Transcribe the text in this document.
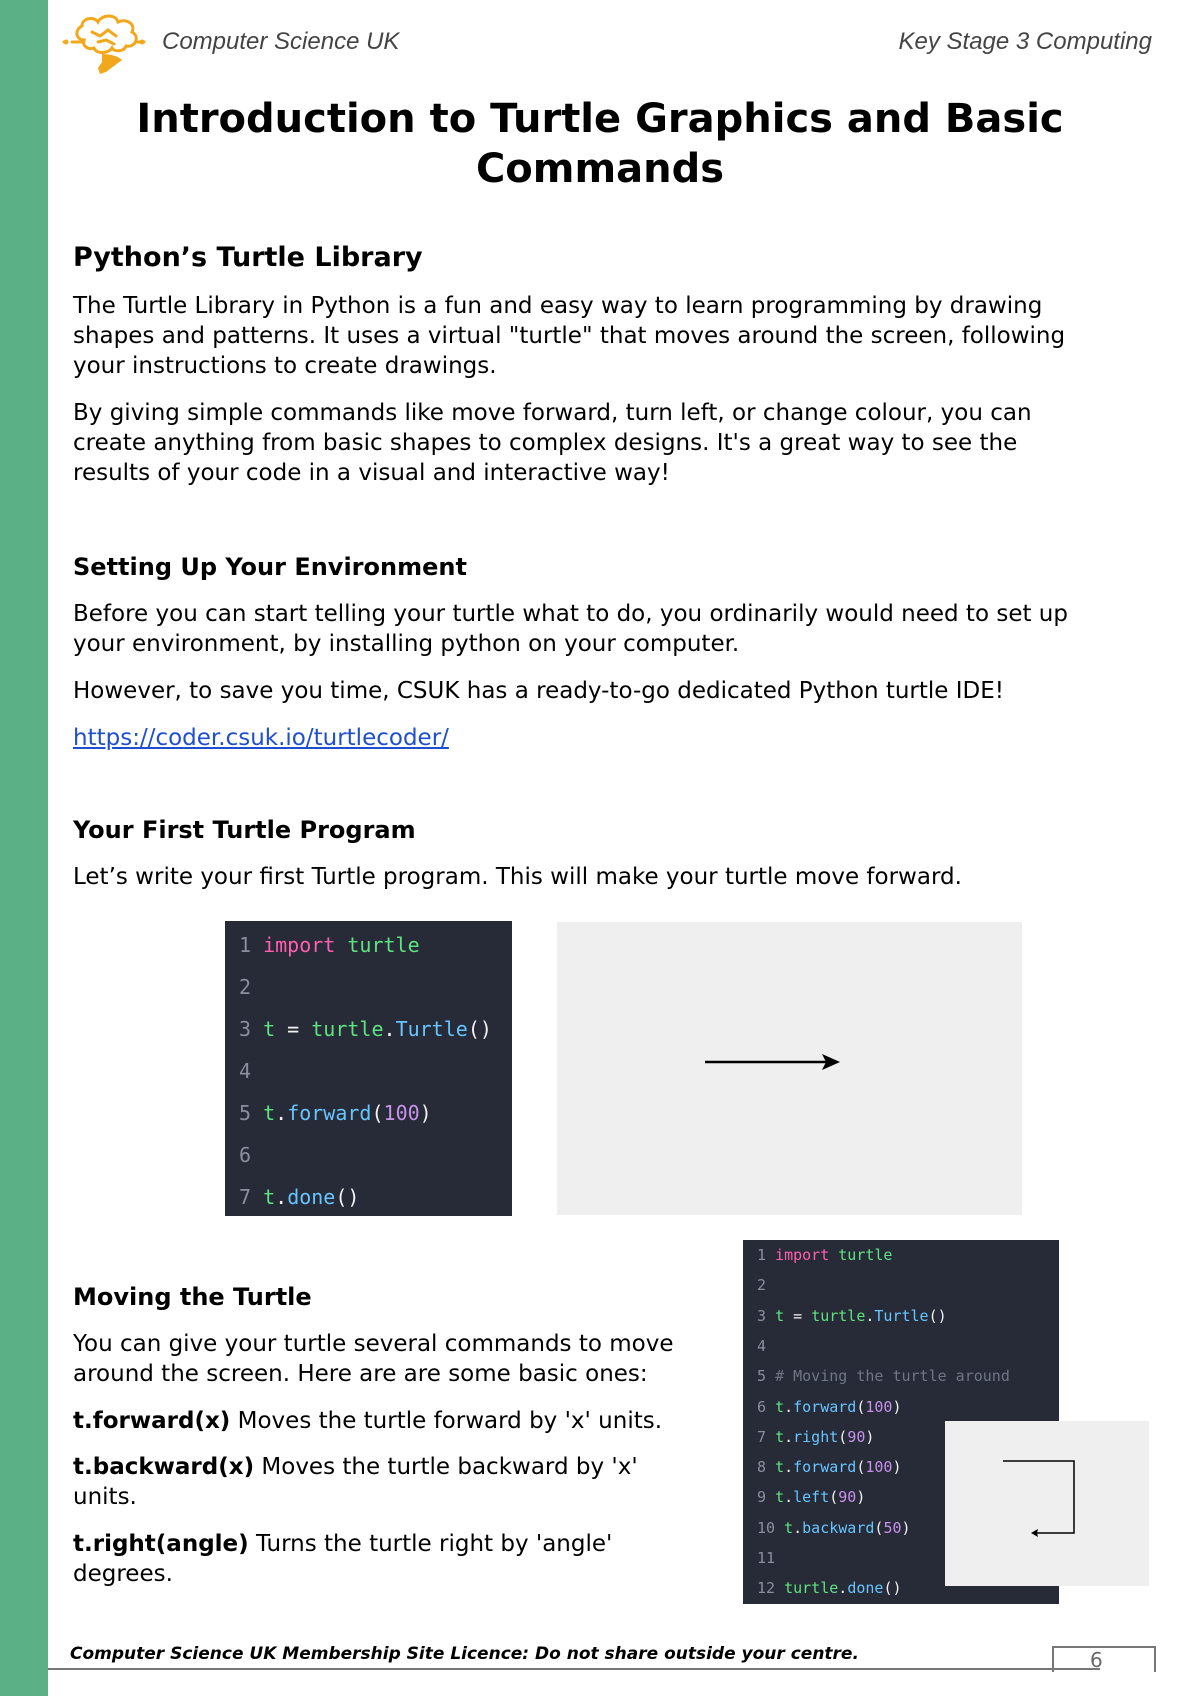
Computer Science UK	Key Stage 3 Computing
Introduction to Turtle Graphics and Basic Commands
Python’s Turtle Library
The Turtle Library in Python is a fun and easy way to learn programming by drawing
shapes and patterns. It uses a virtual "turtle" that moves around the screen, following
your instructions to create drawings.
By giving simple commands like move forward, turn left, or change colour, you can
create anything from basic shapes to complex designs. It's a great way to see the
results of your code in a visual and interactive way!
Setting Up Your Environment
Before you can start telling your turtle what to do, you ordinarily would need to set up
your environment, by installing python on your computer.
However, to save you time, CSUK has a ready-to-go dedicated Python turtle IDE!
https://coder.csuk.io/turtlecoder/
Your First Turtle Program
Let’s write your first Turtle program. This will make your turtle move forward.
1 import turtle
2
3 t = turtle.Turtle()
4
5 t.forward(100)
6
7 t.done()
Moving the Turtle
You can give your turtle several commands to move
around the screen. Here are are some basic ones:
t.forward(x) Moves the turtle forward by 'x' units.
t.backward(x) Moves the turtle backward by 'x'
units.
t.right(angle) Turns the turtle right by 'angle'
degrees.
1 import turtle
2
3 t = turtle.Turtle()
4
5 # Moving the turtle around
6 t.forward(100)
7 t.right(90)
8 t.forward(100)
9 t.left(90)
10 t.backward(50)
11
12 turtle.done()
Computer Science UK Membership Site Licence: Do not share outside your centre.	6
